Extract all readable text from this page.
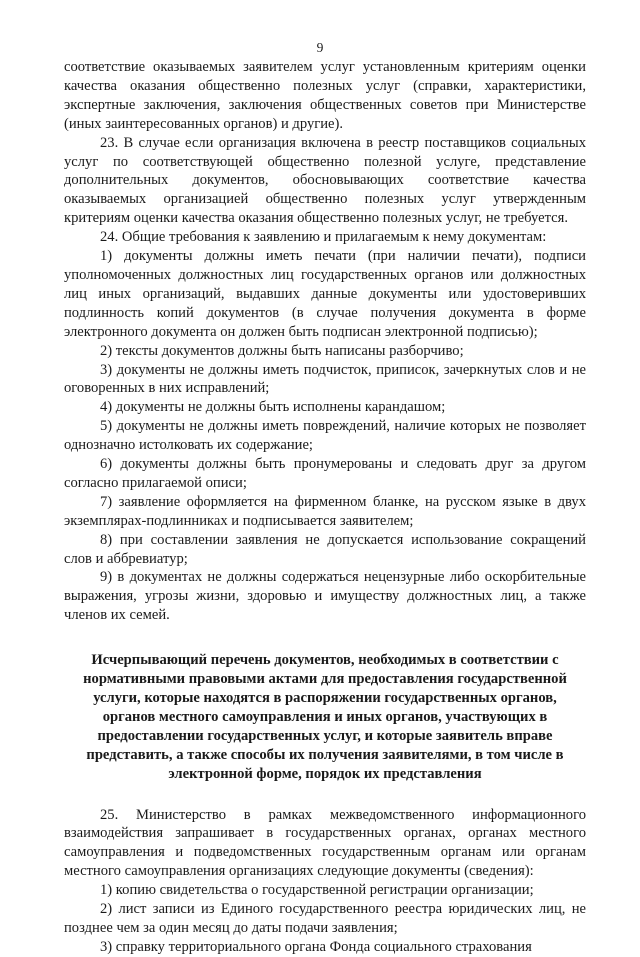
9

соответствие оказываемых заявителем услуг установленным критериям оценки качества оказания общественно полезных услуг (справки, характеристики, экспертные заключения, заключения общественных советов при Министерстве (иных заинтересованных органов) и другие).

23. В случае если организация включена в реестр поставщиков социальных услуг по соответствующей общественно полезной услуге, представление дополнительных документов, обосновывающих соответствие качества оказываемых организацией общественно полезных услуг утвержденным критериям оценки качества оказания общественно полезных услуг, не требуется.

24. Общие требования к заявлению и прилагаемым к нему документам:

1) документы должны иметь печати (при наличии печати), подписи уполномоченных должностных лиц государственных органов или должностных лиц иных организаций, выдавших данные документы или удостоверивших подлинность копий документов (в случае получения документа в форме электронного документа он должен быть подписан электронной подписью);

2) тексты документов должны быть написаны разборчиво;

3) документы не должны иметь подчисток, приписок, зачеркнутых слов и не оговоренных в них исправлений;

4) документы не должны быть исполнены карандашом;

5) документы не должны иметь повреждений, наличие которых не позволяет однозначно истолковать их содержание;

6) документы должны быть пронумерованы и следовать друг за другом согласно прилагаемой описи;

7) заявление оформляется на фирменном бланке, на русском языке в двух экземплярах-подлинниках и подписывается заявителем;

8) при составлении заявления не допускается использование сокращений слов и аббревиатур;

9) в документах не должны содержаться нецензурные либо оскорбительные выражения, угрозы жизни, здоровью и имуществу должностных лиц, а также членов их семей.

Исчерпывающий перечень документов, необходимых в соответствии с нормативными правовыми актами для предоставления государственной услуги, которые находятся в распоряжении государственных органов, органов местного самоуправления и иных органов, участвующих в предоставлении государственных услуг, и которые заявитель вправе представить, а также способы их получения заявителями, в том числе в электронной форме, порядок их представления

25. Министерство в рамках межведомственного информационного взаимодействия запрашивает в государственных органах, органах местного самоуправления и подведомственных государственным органам или органам местного самоуправления организациях следующие документы (сведения):

1) копию свидетельства о государственной регистрации организации;

2) лист записи из Единого государственного реестра юридических лиц, не позднее чем за один месяц до даты подачи заявления;

3) справку территориального органа Фонда социального страхования
